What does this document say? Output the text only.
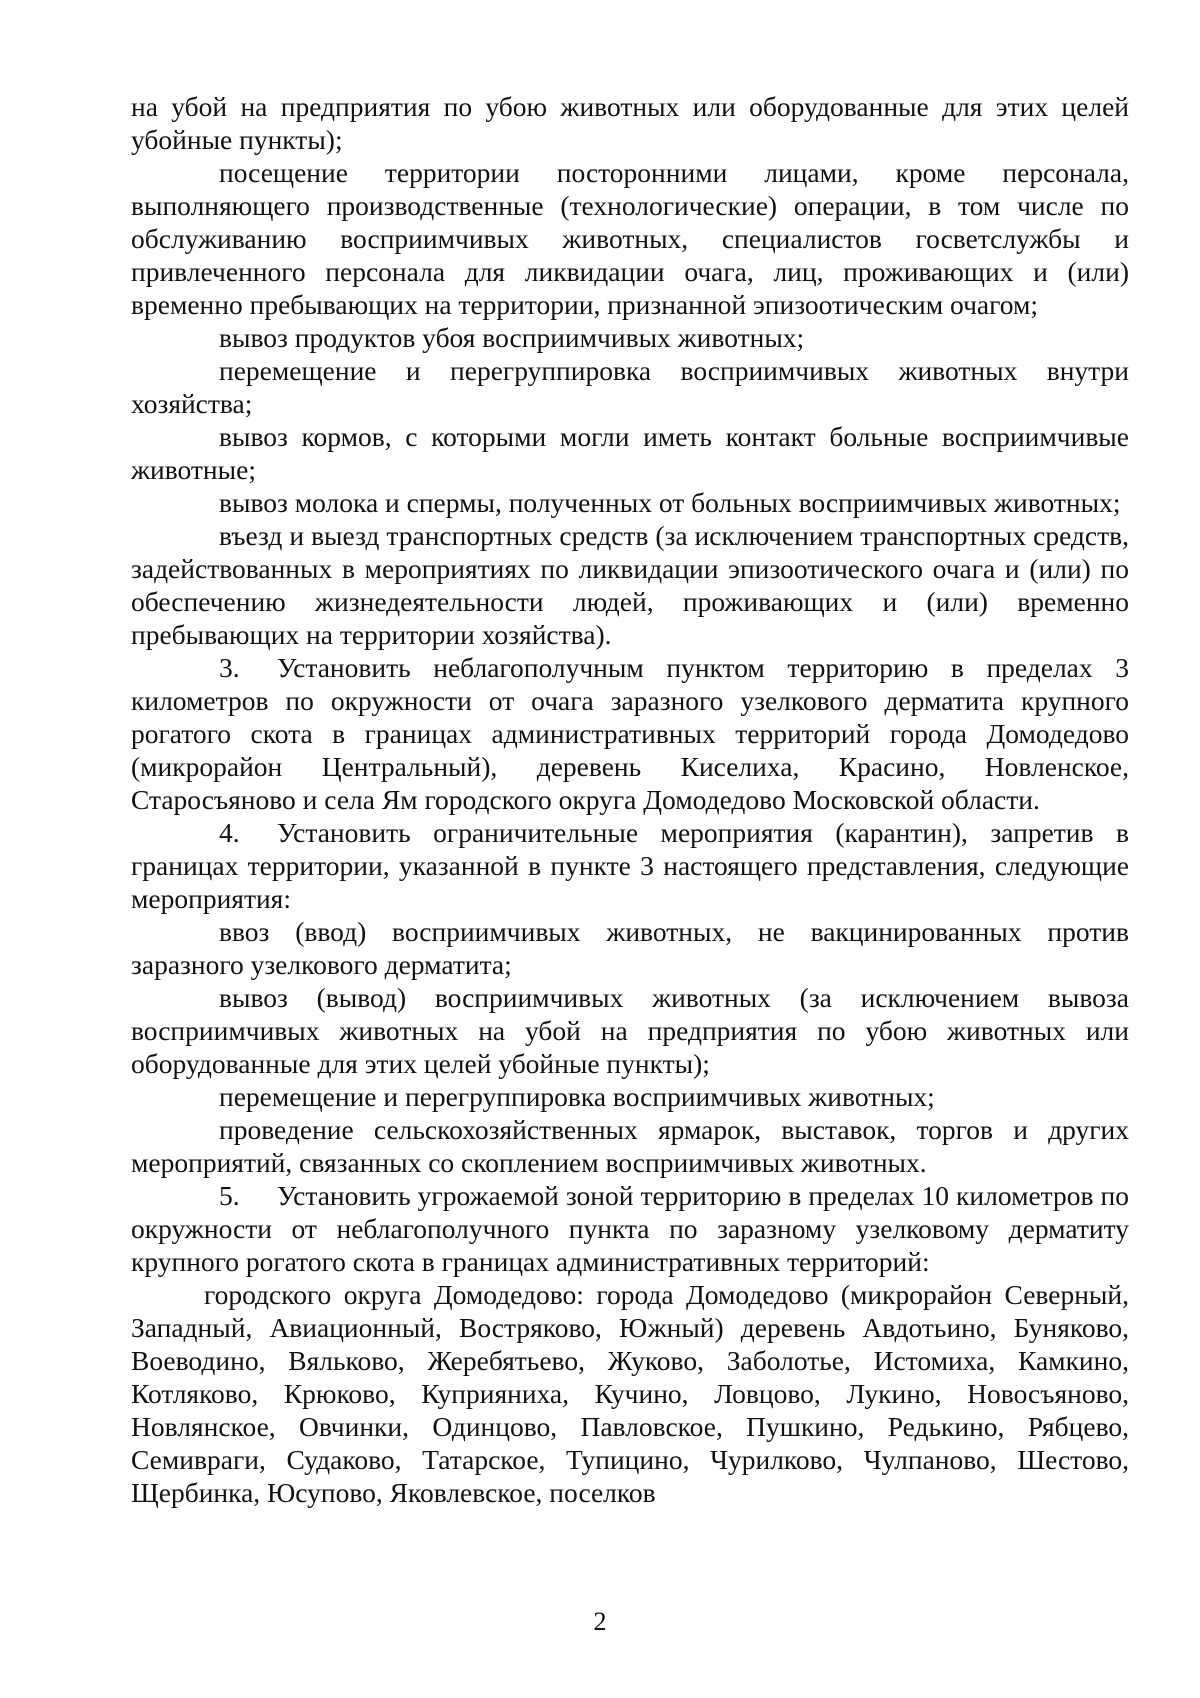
на убой на предприятия по убою животных или оборудованные для этих целей убойные пункты);

посещение территории посторонними лицами, кроме персонала, выполняющего производственные (технологические) операции, в том числе по обслуживанию восприимчивых животных, специалистов госветслужбы и привлеченного персонала для ликвидации очага, лиц, проживающих и (или) временно пребывающих на территории, признанной эпизоотическим очагом;

вывоз продуктов убоя восприимчивых животных;

перемещение и перегруппировка восприимчивых животных внутри хозяйства;

вывоз кормов, с которыми могли иметь контакт больные восприимчивые животные;

вывоз молока и спермы, полученных от больных восприимчивых животных;

въезд и выезд транспортных средств (за исключением транспортных средств, задействованных в мероприятиях по ликвидации эпизоотического очага и (или) по обеспечению жизнедеятельности людей, проживающих и (или) временно пребывающих на территории хозяйства).

3. Установить неблагополучным пунктом территорию в пределах 3 километров по окружности от очага заразного узелкового дерматита крупного рогатого скота в границах административных территорий города Домодедово (микрорайон Центральный), деревень Киселиха, Красино, Новленское, Старосъяново и села Ям городского округа Домодедово Московской области.

4. Установить ограничительные мероприятия (карантин), запретив в границах территории, указанной в пункте 3 настоящего представления, следующие мероприятия:

ввоз (ввод) восприимчивых животных, не вакцинированных против заразного узелкового дерматита;

вывоз (вывод) восприимчивых животных (за исключением вывоза восприимчивых животных на убой на предприятия по убою животных или оборудованные для этих целей убойные пункты);

перемещение и перегруппировка восприимчивых животных;

проведение сельскохозяйственных ярмарок, выставок, торгов и других мероприятий, связанных со скоплением восприимчивых животных.

5. Установить угрожаемой зоной территорию в пределах 10 километров по окружности от неблагополучного пункта по заразному узелковому дерматиту крупного рогатого скота в границах административных территорий:

городского округа Домодедово: города Домодедово (микрорайон Северный, Западный, Авиационный, Востряково, Южный) деревень Авдотьино, Буняково, Воеводино, Вяльково, Жеребятьево, Жуково, Заболотье, Истомиха, Камкино, Котляково, Крюково, Куприяниха, Кучино, Ловцово, Лукино, Новосъяново, Новлянское, Овчинки, Одинцово, Павловское, Пушкино, Редькино, Рябцево, Семивраги, Судаково, Татарское, Тупицино, Чурилково, Чулпаново, Шестово, Щербинка, Юсупово, Яковлевское, поселков

2
